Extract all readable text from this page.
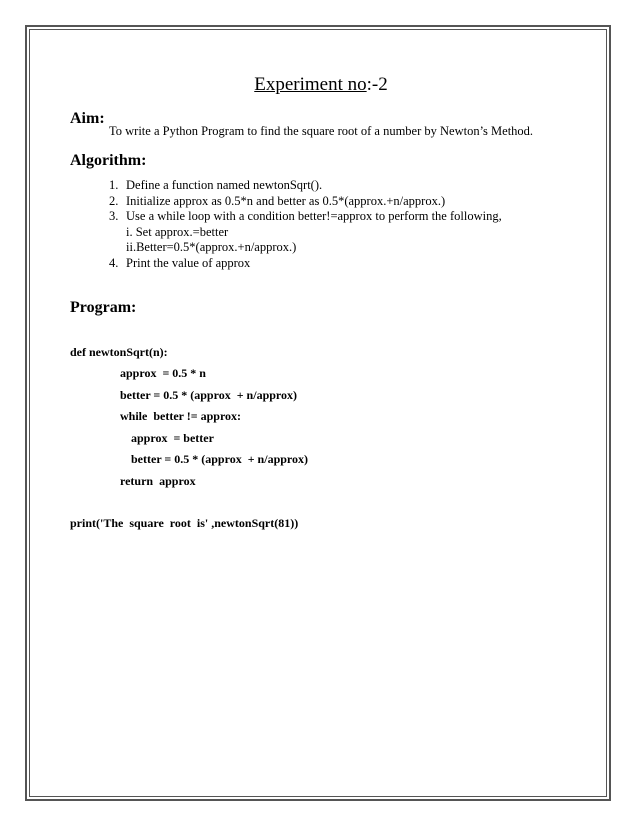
Experiment no:-2
Aim:
To write a Python Program to find the square root of a number by Newton’s Method.
Algorithm:
1. Define a function named newtonSqrt().
2. Initialize approx as 0.5*n and better as 0.5*(approx.+n/approx.)
3. Use a while loop with a condition better!=approx to perform the following,
i. Set approx.=better
ii.Better=0.5*(approx.+n/approx.)
4. Print the value of approx
Program:
def newtonSqrt(n):
approx  = 0.5 * n
better = 0.5 * (approx  + n/approx)
while  better != approx:
approx  = better
better = 0.5 * (approx  + n/approx)
return  approx
print('The  square  root  is' ,newtonSqrt(81))
